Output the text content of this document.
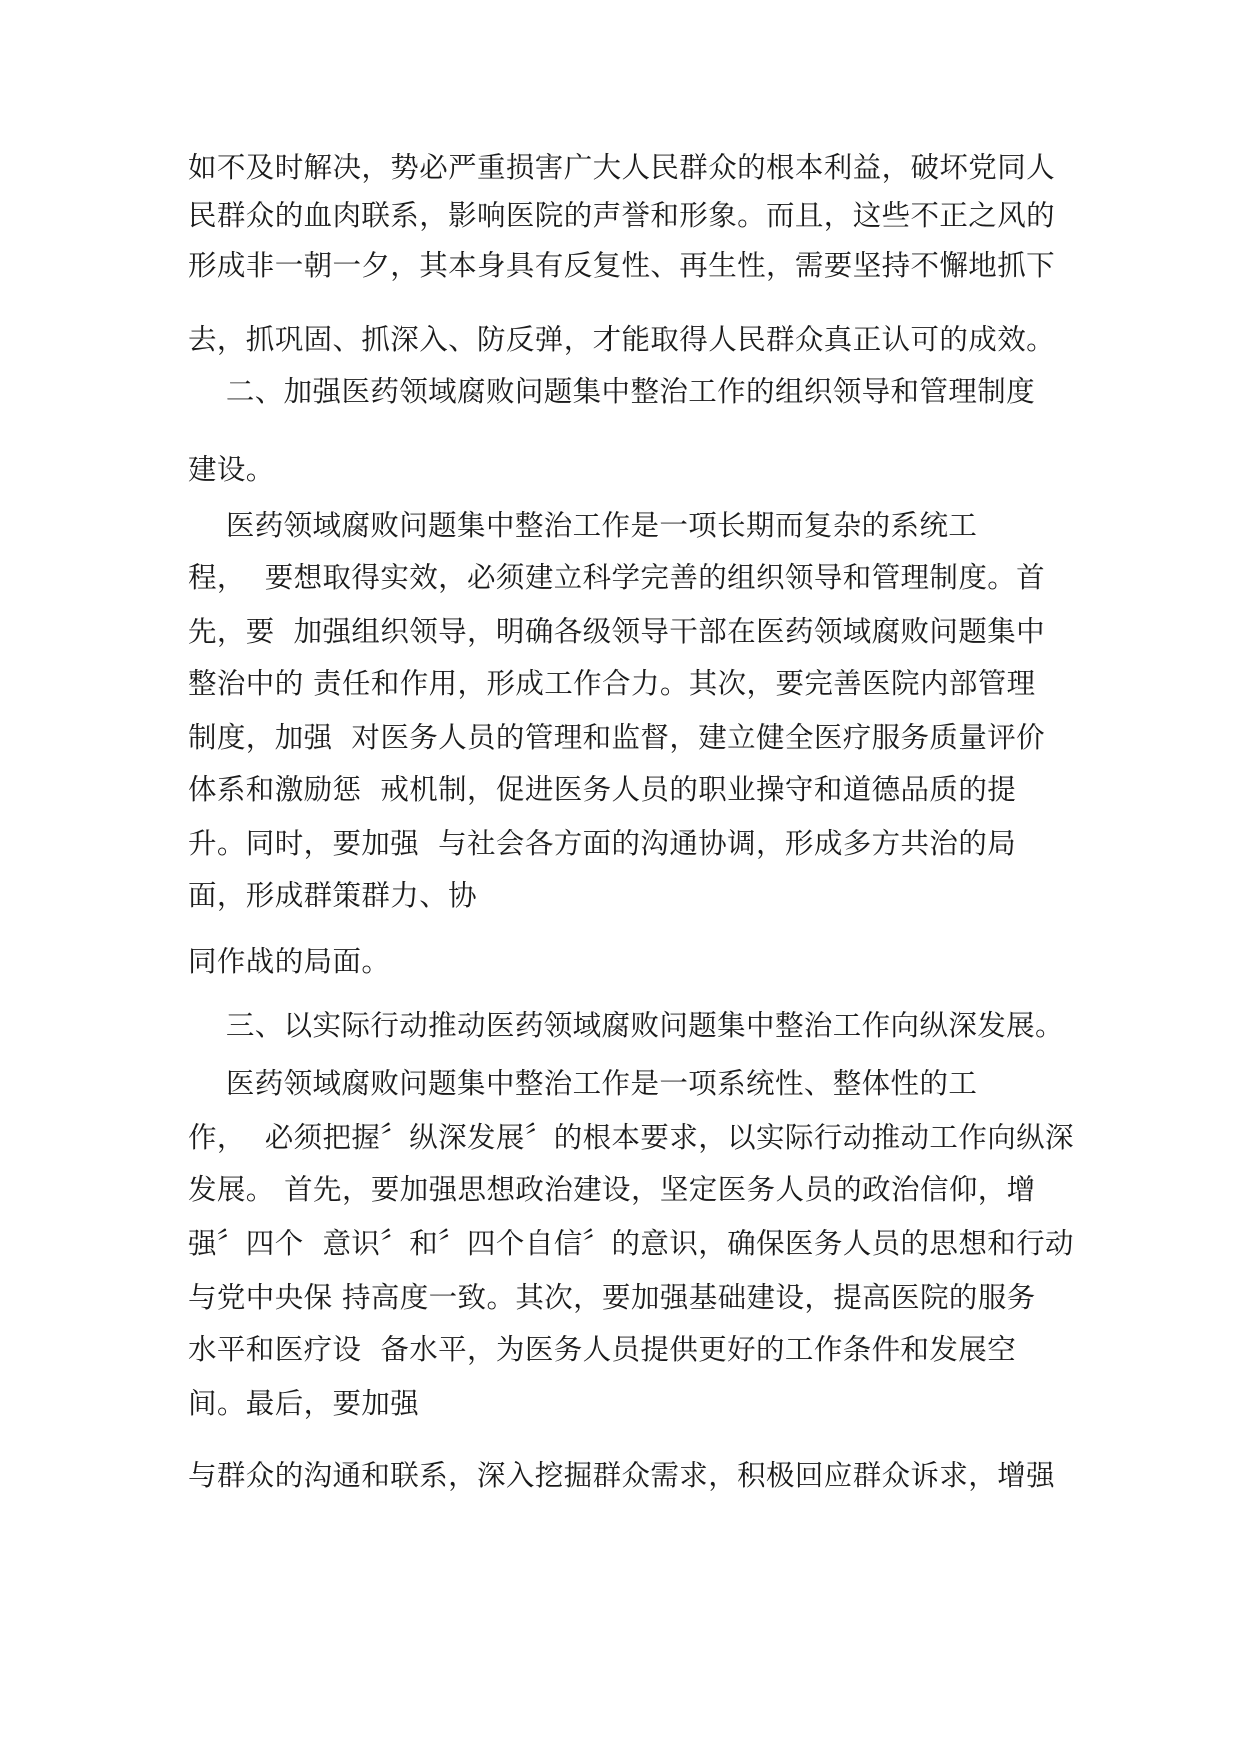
如不及时解决，势必严重损害广大人民群众的根本利益，破坏党同人
民群众的血肉联系，影响医院的声誉和形象。而且，这些不正之风的
形成非一朝一夕，其本身具有反复性、再生性，需要坚持不懈地抓下
去，抓巩固、抓深入、防反弹，才能取得人民群众真正认可的成效。
二、加强医药领域腐败问题集中整治工作的组织领导和管理制度
建设。
医药领域腐败问题集中整治工作是一项长期而复杂的系统工
程，  要想取得实效，必须建立科学完善的组织领导和管理制度。首
先，要  加强组织领导，明确各级领导干部在医药领域腐败问题集中
整治中的 责任和作用，形成工作合力。其次，要完善医院内部管理
制度，加强  对医务人员的管理和监督，建立健全医疗服务质量评价
体系和激励惩  戒机制，促进医务人员的职业操守和道德品质的提
升。同时，要加强  与社会各方面的沟通协调，形成多方共治的局
面，形成群策群力、协
同作战的局面。
三、以实际行动推动医药领域腐败问题集中整治工作向纵深发展。
医药领域腐败问题集中整治工作是一项系统性、整体性的工
作，  必须把握〞纵深发展〞的根本要求，以实际行动推动工作向纵深
发展。 首先，要加强思想政治建设，坚定医务人员的政治信仰，增
强〞四个  意识〞和〞四个自信〞的意识，确保医务人员的思想和行动
与党中央保 持高度一致。其次，要加强基础建设，提高医院的服务
水平和医疗设  备水平，为医务人员提供更好的工作条件和发展空
间。最后，要加强
与群众的沟通和联系，深入挖掘群众需求，积极回应群众诉求，增强
